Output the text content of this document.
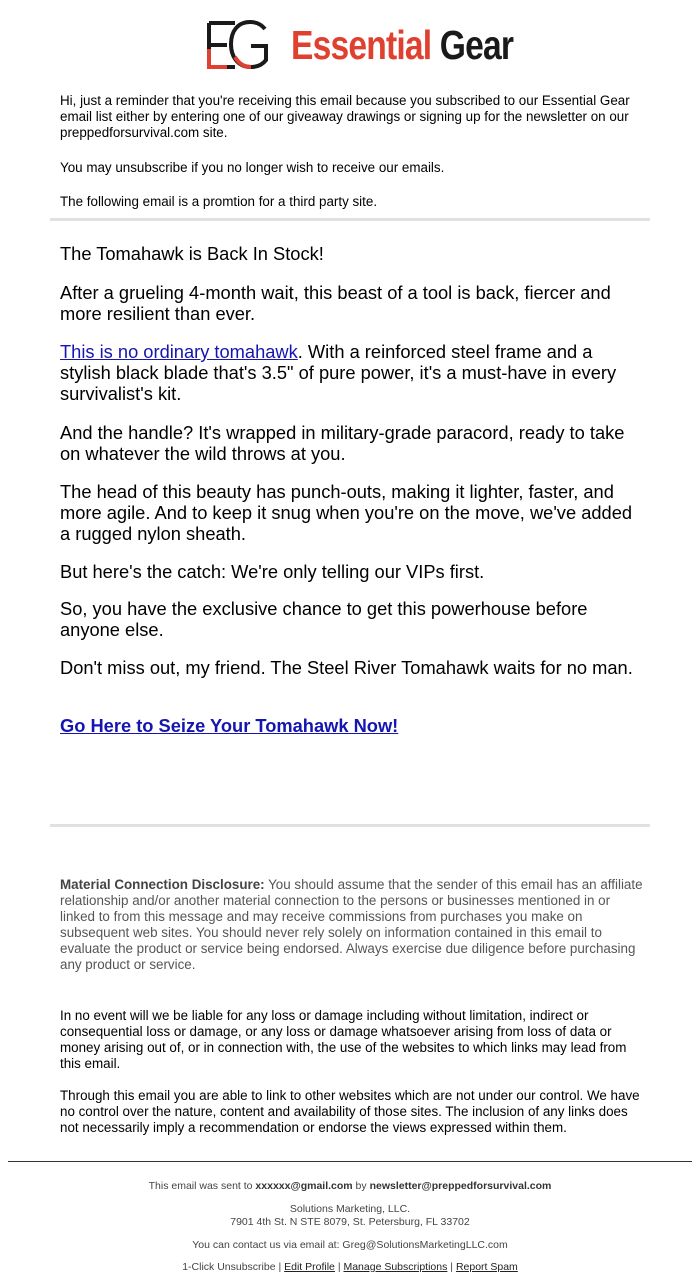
Essential Gear

Hi, just a reminder that you're receiving this email because you subscribed to our Essential Gear email list either by entering one of our giveaway drawings or signing up for the newsletter on our preppedforsurvival.com site.

You may unsubscribe if you no longer wish to receive our emails.

The following email is a promtion for a third party site.

The Tomahawk is Back In Stock!

After a grueling 4-month wait, this beast of a tool is back, fiercer and more resilient than ever.

This is no ordinary tomahawk. With a reinforced steel frame and a stylish black blade that's 3.5" of pure power, it's a must-have in every survivalist's kit.

And the handle? It's wrapped in military-grade paracord, ready to take on whatever the wild throws at you.

The head of this beauty has punch-outs, making it lighter, faster, and more agile. And to keep it snug when you're on the move, we've added a rugged nylon sheath.

But here's the catch: We're only telling our VIPs first.

So, you have the exclusive chance to get this powerhouse before anyone else.

Don't miss out, my friend. The Steel River Tomahawk waits for no man.

Go Here to Seize Your Tomahawk Now!

Material Connection Disclosure: You should assume that the sender of this email has an affiliate relationship and/or another material connection to the persons or businesses mentioned in or linked to from this message and may receive commissions from purchases you make on subsequent web sites. You should never rely solely on information contained in this email to evaluate the product or service being endorsed. Always exercise due diligence before purchasing any product or service.

In no event will we be liable for any loss or damage including without limitation, indirect or consequential loss or damage, or any loss or damage whatsoever arising from loss of data or money arising out of, or in connection with, the use of the websites to which links may lead from this email.

Through this email you are able to link to other websites which are not under our control. We have no control over the nature, content and availability of those sites. The inclusion of any links does not necessarily imply a recommendation or endorse the views expressed within them.

This email was sent to xxxxxx@gmail.com by newsletter@preppedforsurvival.com

Solutions Marketing, LLC.

7901 4th St. N STE 8079, St. Petersburg, FL 33702

You can contact us via email at: Greg@SolutionsMarketingLLC.com

1-Click Unsubscribe | Edit Profile | Manage Subscriptions | Report Spam
